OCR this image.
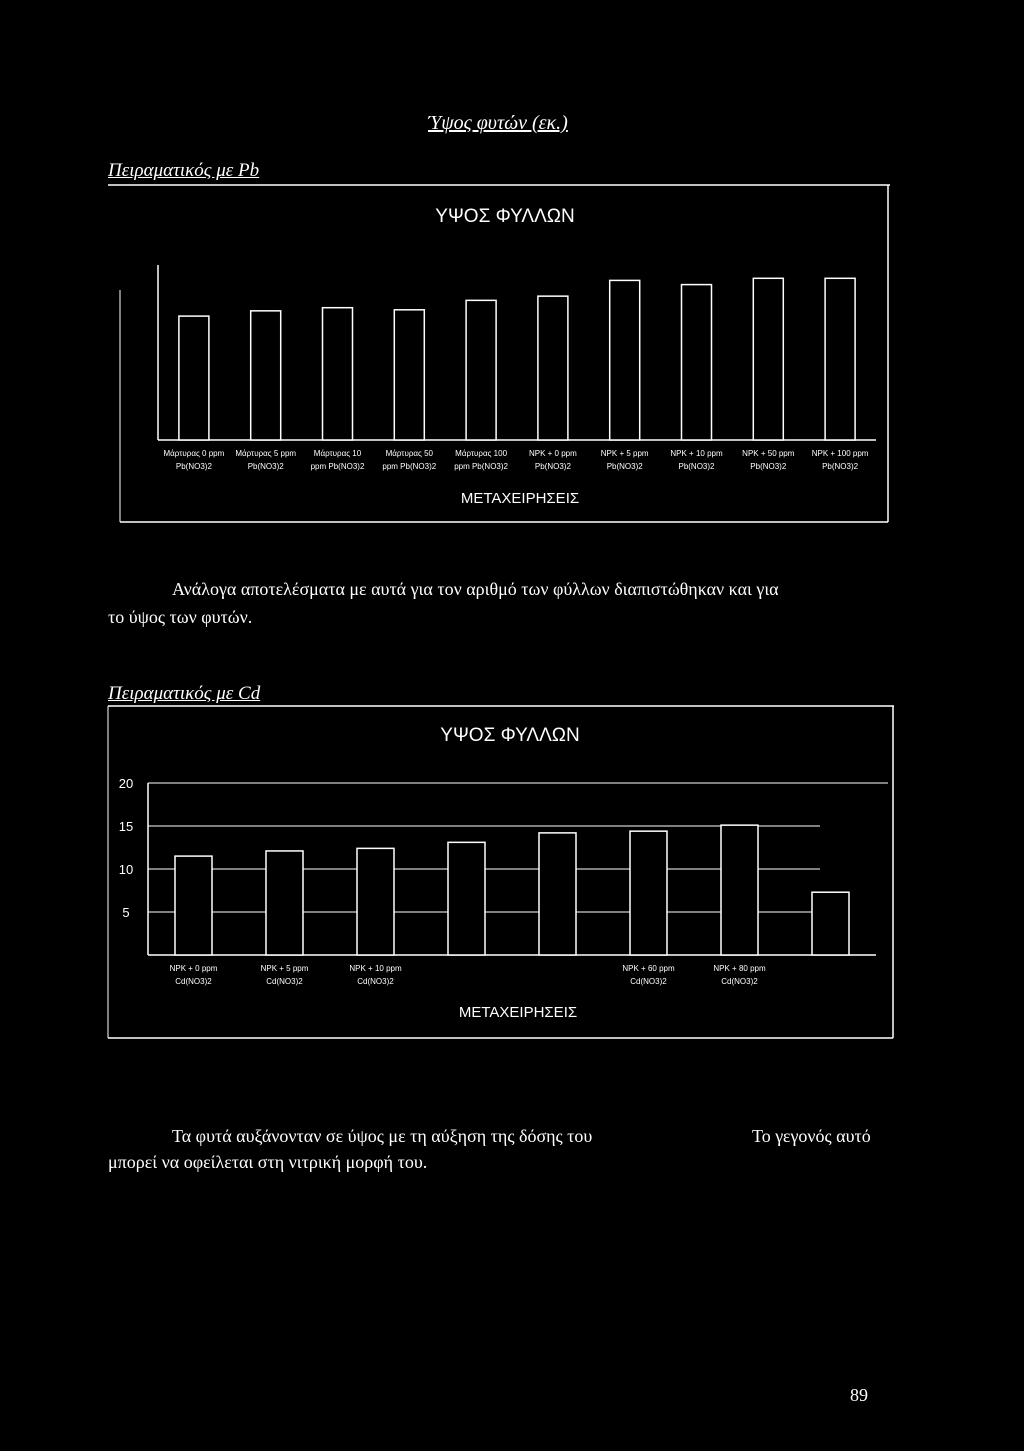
Ύψος φυτών (εκ.)
Πειραματικός με Pb
ΥΨΟΣ ΦΥΛΛΩΝ
ΜΕΤΑΧΕΙΡΗΣΕΙΣ
Μάρτυρας 0 ppm
Pb(NO3)2
Μάρτυρας 5 ppm
Pb(NO3)2
Μάρτυρας 10
ppm Pb(NO3)2
Μάρτυρας 50
ppm Pb(NO3)2
Μάρτυρας 100
ppm Pb(NO3)2
NPK + 0 ppm
Pb(NO3)2
NPK + 5 ppm
Pb(NO3)2
NPK + 10 ppm
Pb(NO3)2
NPK + 50 ppm
Pb(NO3)2
NPK + 100 ppm
Pb(NO3)2
ΥΨΟΣ ΦΥΛΛΩΝ
ΜΕΤΑΧΕΙΡΗΣΕΙΣ
20
15
10
5
NPK + 0 ppm
Cd(NO3)2
NPK + 5 ppm
Cd(NO3)2
NPK + 10 ppm
Cd(NO3)2
NPK + 60 ppm
Cd(NO3)2
NPK + 80 ppm
Cd(NO3)2
Ανάλογα αποτελέσματα με αυτά για τον αριθμό των φύλλων διαπιστώθηκαν και για
το ύψος των φυτών.
Πειραματικός με Cd
Τα φυτά αυξάνονταν σε ύψος με τη αύξηση της δόσης του	Το γεγονός αυτό
μπορεί να οφείλεται στη νιτρική μορφή του.
89
